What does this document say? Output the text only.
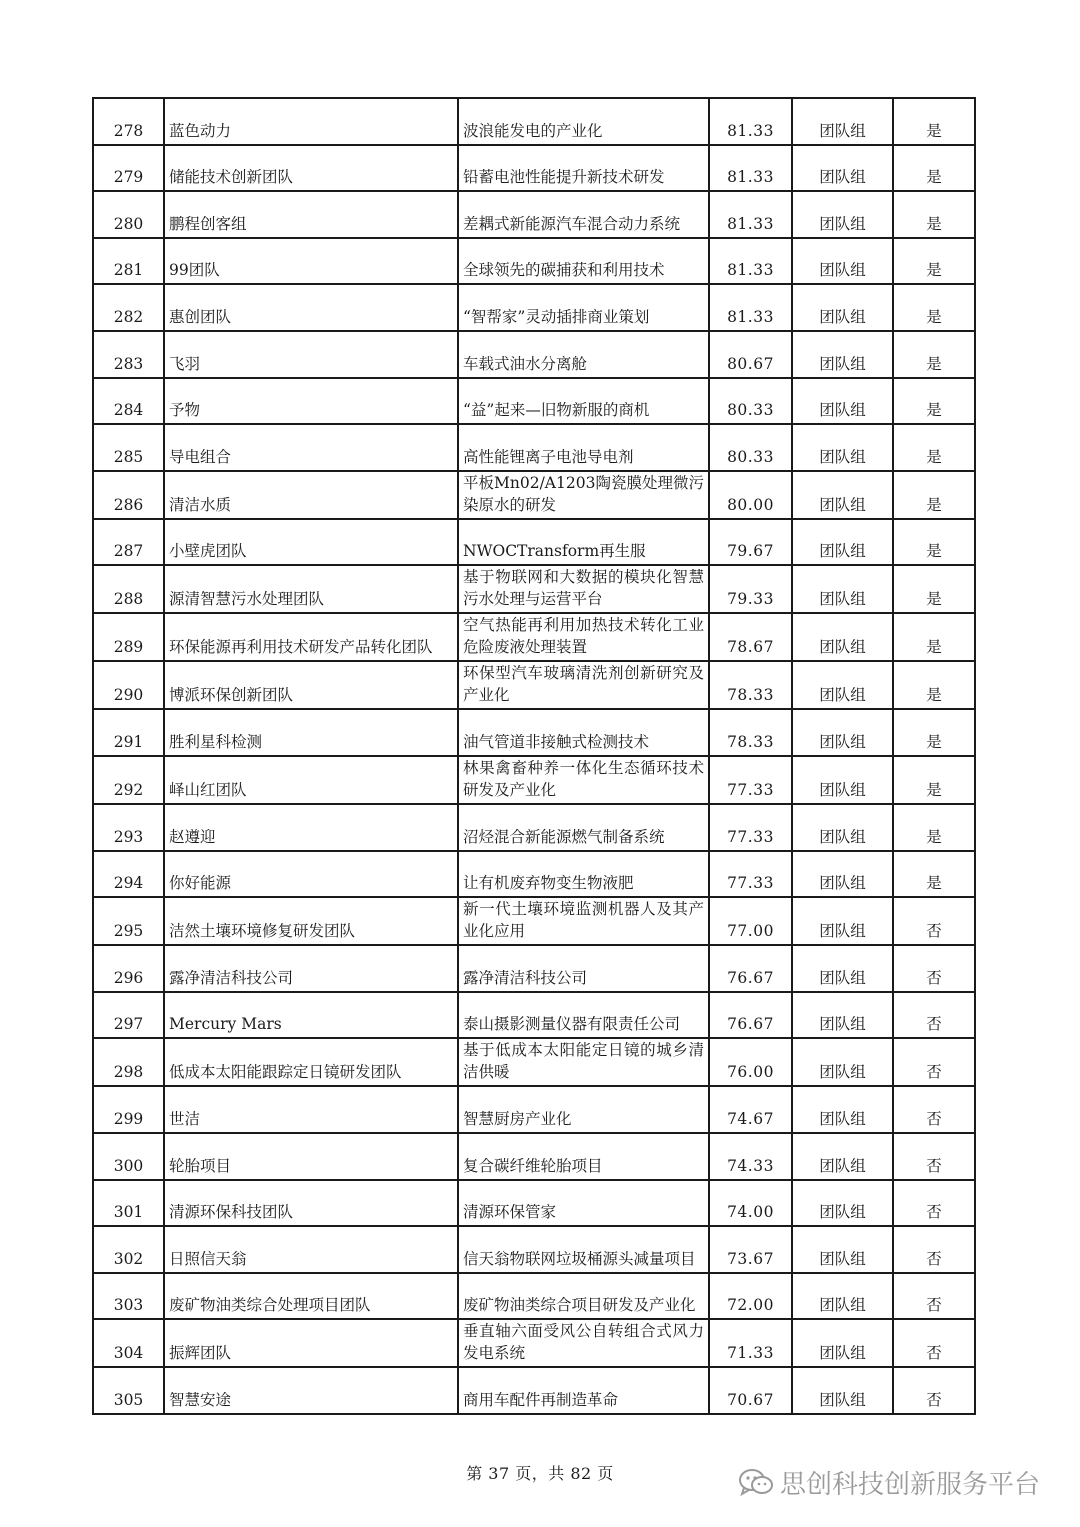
278	蓝色动力	波浪能发电的产业化	81.33	团队组	是
279	储能技术创新团队	铅蓄电池性能提升新技术研发	81.33	团队组	是
280	鹏程创客组	差耦式新能源汽车混合动力系统	81.33	团队组	是
281	99团队	全球领先的碳捕获和利用技术	81.33	团队组	是
282	惠创团队	“智帮家”灵动插排商业策划	81.33	团队组	是
283	飞羽	车载式油水分离舱	80.67	团队组	是
284	予物	“益”起来—旧物新服的商机	80.33	团队组	是
285	导电组合	高性能锂离子电池导电剂	80.33	团队组	是
286	清洁水质	平板Mn02/A1203陶瓷膜处理微污染原水的研发	80.00	团队组	是
287	小壁虎团队	NWOCTransform再生服	79.67	团队组	是
288	源清智慧污水处理团队	基于物联网和大数据的模块化智慧污水处理与运营平台	79.33	团队组	是
289	环保能源再利用技术研发产品转化团队	空气热能再利用加热技术转化工业危险废液处理装置	78.67	团队组	是
290	博派环保创新团队	环保型汽车玻璃清洗剂创新研究及产业化	78.33	团队组	是
291	胜利星科检测	油气管道非接触式检测技术	78.33	团队组	是
292	峄山红团队	林果禽畜种养一体化生态循环技术研发及产业化	77.33	团队组	是
293	赵遵迎	沼烃混合新能源燃气制备系统	77.33	团队组	是
294	你好能源	让有机废弃物变生物液肥	77.33	团队组	是
295	洁然土壤环境修复研发团队	新一代土壤环境监测机器人及其产业化应用	77.00	团队组	否
296	露净清洁科技公司	露净清洁科技公司	76.67	团队组	否
297	Mercury Mars	泰山摄影测量仪器有限责任公司	76.67	团队组	否
298	低成本太阳能跟踪定日镜研发团队	基于低成本太阳能定日镜的城乡清洁供暖	76.00	团队组	否
299	世洁	智慧厨房产业化	74.67	团队组	否
300	轮胎项目	复合碳纤维轮胎项目	74.33	团队组	否
301	清源环保科技团队	清源环保管家	74.00	团队组	否
302	日照信天翁	信天翁物联网垃圾桶源头减量项目	73.67	团队组	否
303	废矿物油类综合处理项目团队	废矿物油类综合项目研发及产业化	72.00	团队组	否
304	振辉团队	垂直轴六面受风公自转组合式风力发电系统	71.33	团队组	否
305	智慧安途	商用车配件再制造革命	70.67	团队组	否
第 37 页，共 82 页	思创科技创新服务平台
